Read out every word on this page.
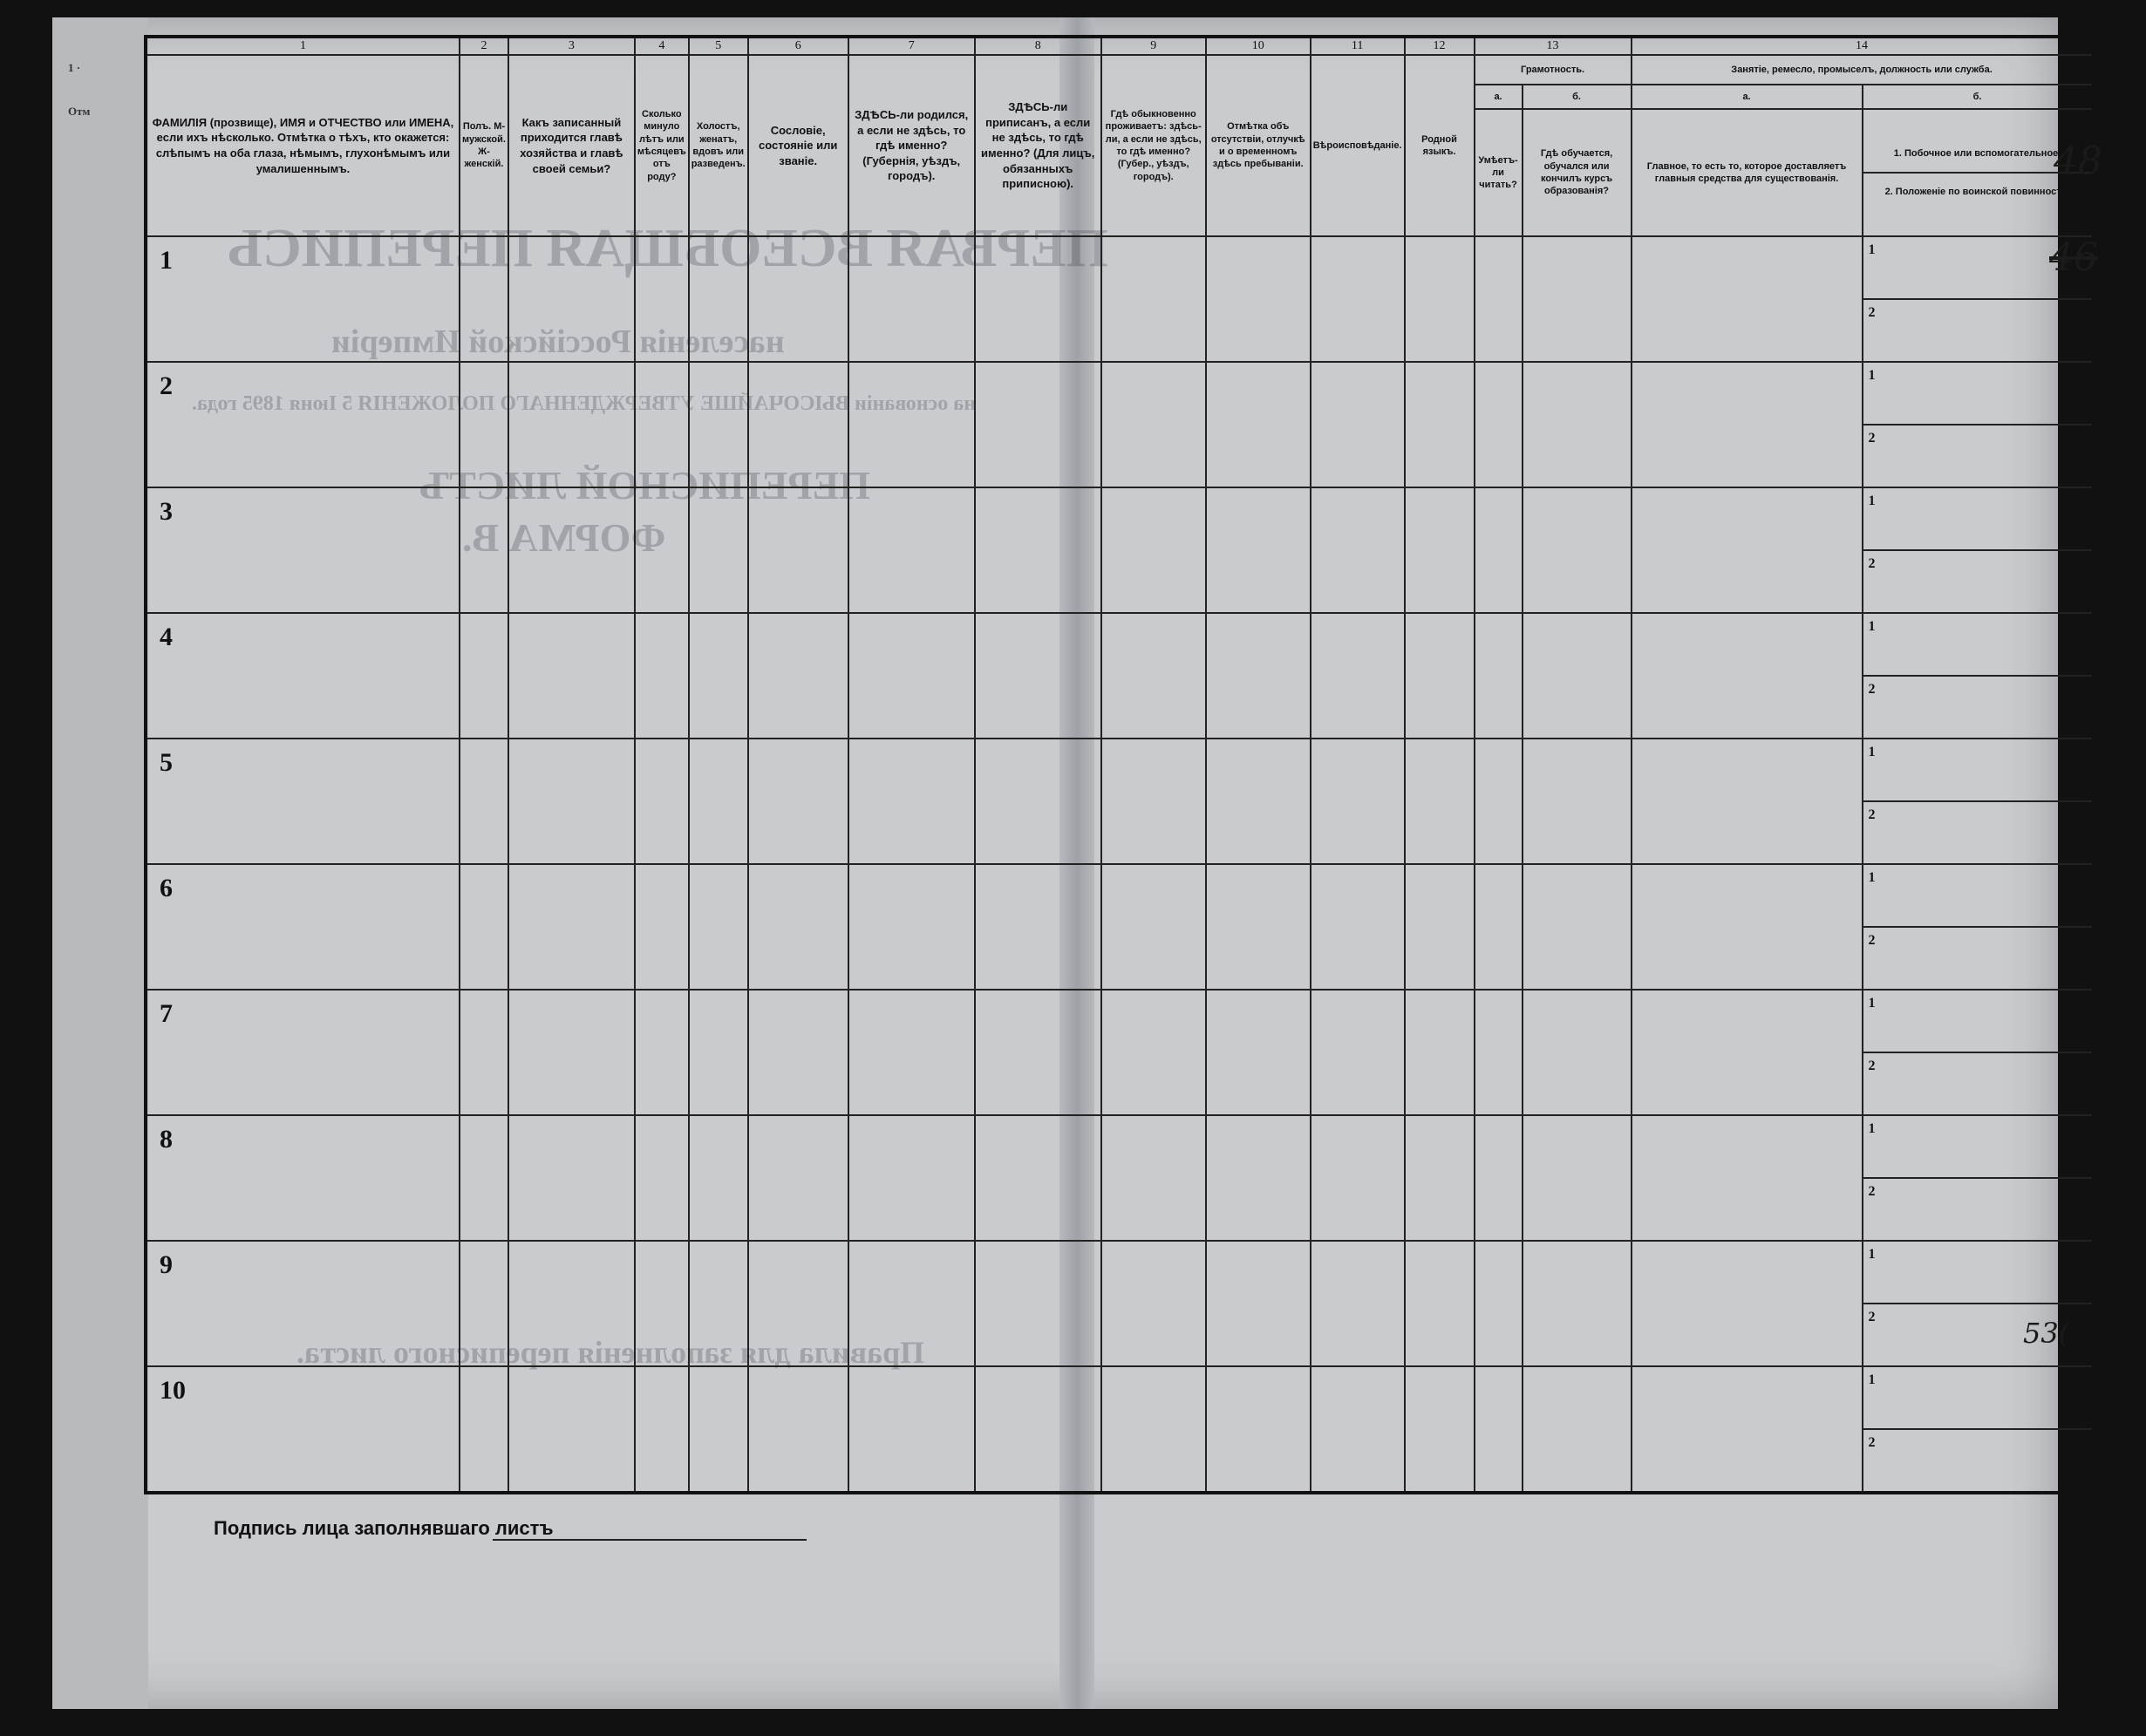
1 ·
Отм
ПЕРВАЯ ВСЕОБЩАЯ ПЕРЕПИСЬ
населенія Россійской Имперіи
на основаніи ВЫСОЧАЙШЕ УТВЕРЖДЕННАГО ПОЛОЖЕНІЯ 5 Іюня 1895 года.
ПЕРЕПИСНОЙ ЛИСТЪ
ФОРМА В.
Правила для заполненія переписного листа.
1	2	3	4	5	6	7	8	9	10	11	12	13		14	
ФАМИЛІЯ (прозвище), ИМЯ и ОТЧЕСТВО или ИМЕНА, если ихъ нѣсколько. Отмѣтка о тѣхъ, кто окажется: слѣпымъ на оба глаза, нѣмымъ, глухонѣмымъ или умалишеннымъ.	Полъ. М-мужской. Ж-женскій.	Какъ записанный приходится главѣ хозяйства и главѣ своей семьи?	Сколько минуло лѣтъ или мѣсяцевъ отъ роду?	Холостъ, женатъ, вдовъ или разведенъ.	Сословіе, состояніе или званіе.	ЗДѢСЬ-ли родился, а если не здѣсь, то гдѣ именно? (Губернія, уѣздъ, городъ).	ЗДѢСЬ-ли приписанъ, а если не здѣсь, то гдѣ именно? (Для лицъ, обязанныхъ приписною).	Гдѣ обыкновенно проживаетъ: здѣсь-ли, а если не здѣсь, то гдѣ именно? (Губер., уѣздъ, городъ).	Отмѣтка объ отсутствіи, отлучкѣ и о временномъ здѣсь пребываніи.	Вѣроисповѣданіе.	Родной языкъ.	Грамотность.		Занятіе, ремесло, промыселъ, должность или служба.	
												а.	б.	а.	б.
												Умѣетъ-ли читать?	Гдѣ обучается, обучался или кончилъ курсъ образованія?	Главное, то есть то, которое доставляетъ главныя средства для существованія.	1. Побочное или вспомогательное.
2. Положеніе по воинской повинности.

1															1

															2

2															1

															2

3															1

															2

4															1

															2

5															1

															2

6															1

															2

7															1

															2

8															1

															2

9															1

															2

10															1

															2
Подпись лица заполнявшаго листъ
48
46
53(
